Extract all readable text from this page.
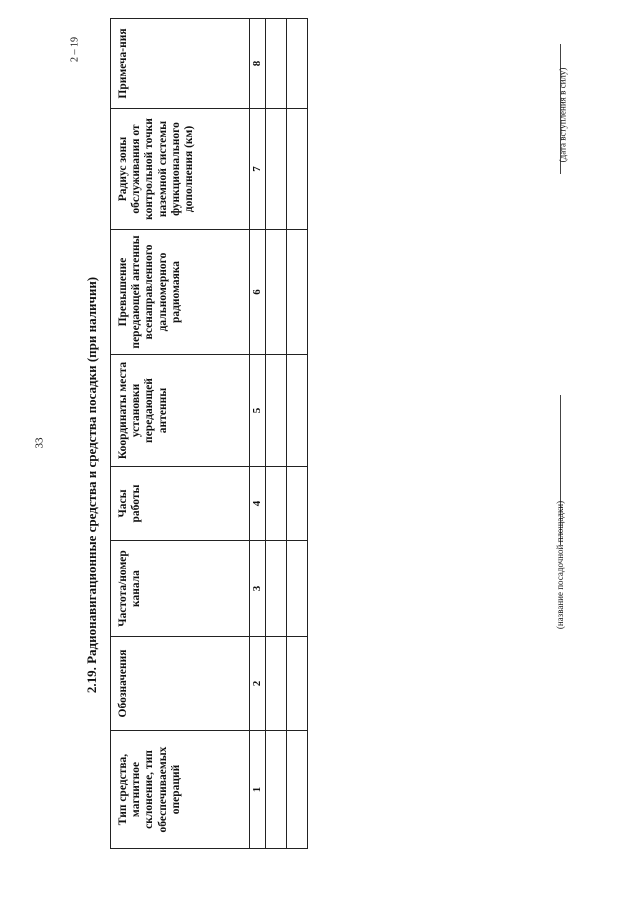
33
2 – 19
2.19. Радионавигационные средства и средства посадки (при наличии)
Тип средства, магнитное склонение, тип обеспечиваемых операций	Обозначения	Частота/номер канала	Часы работы	Координаты места установки передающей антенны	Превышение передающей антенны всенаправленного дальномерного радиомаяка	Радиус зоны обслуживания от контрольной точки наземной системы функционального дополнения (км)	Примеча-ния
1	2	3	4	5	6	7	8

(название посадочной площадки)
(дата вступления в силу)
